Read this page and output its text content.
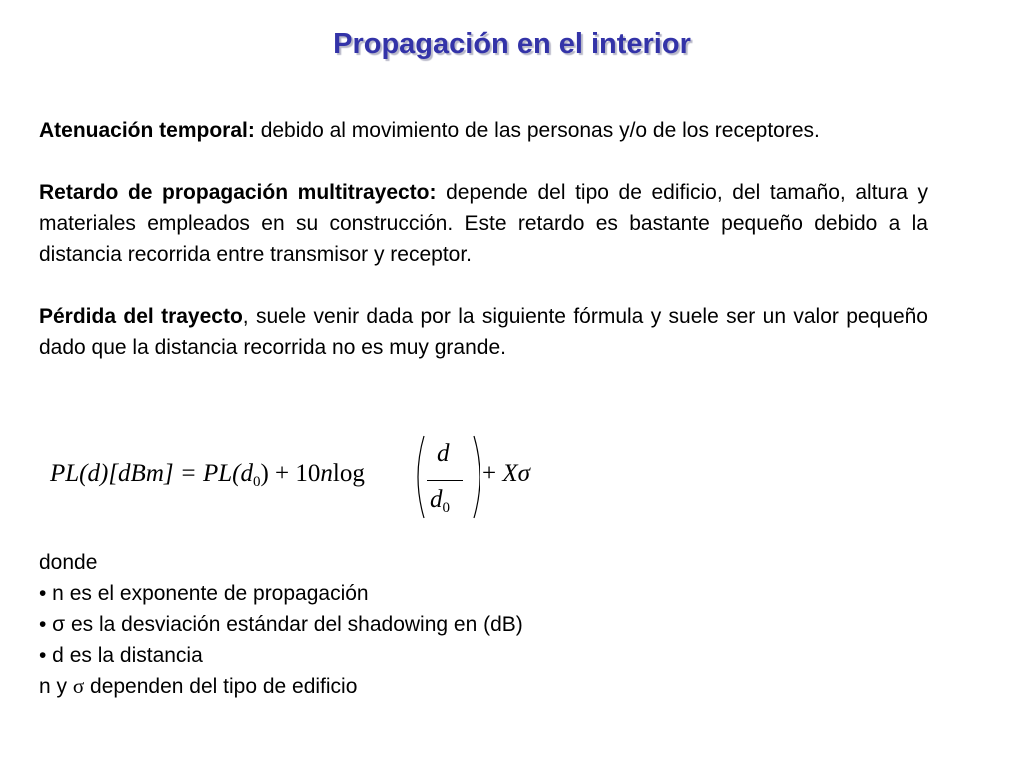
Propagación en el interior

Atenuación temporal: debido al movimiento de las personas y/o de los receptores.

Retardo de propagación multitrayecto: depende del tipo de edificio, del tamaño, altura y materiales empleados en su construcción. Este retardo es bastante pequeño debido a la distancia recorrida entre transmisor y receptor.

Pérdida del trayecto, suele venir dada por la siguiente fórmula y suele ser un valor pequeño dado que la distancia recorrida no es muy grande.

$PL(d)[dBm] = PL(d_0) + 10nlog$
d
$d_0$
+ Xσ
donde
• n es el exponente de propagación
• σ es la desviación estándar del shadowing en (dB)
• d es la distancia
n y σ dependen del tipo de edificio
